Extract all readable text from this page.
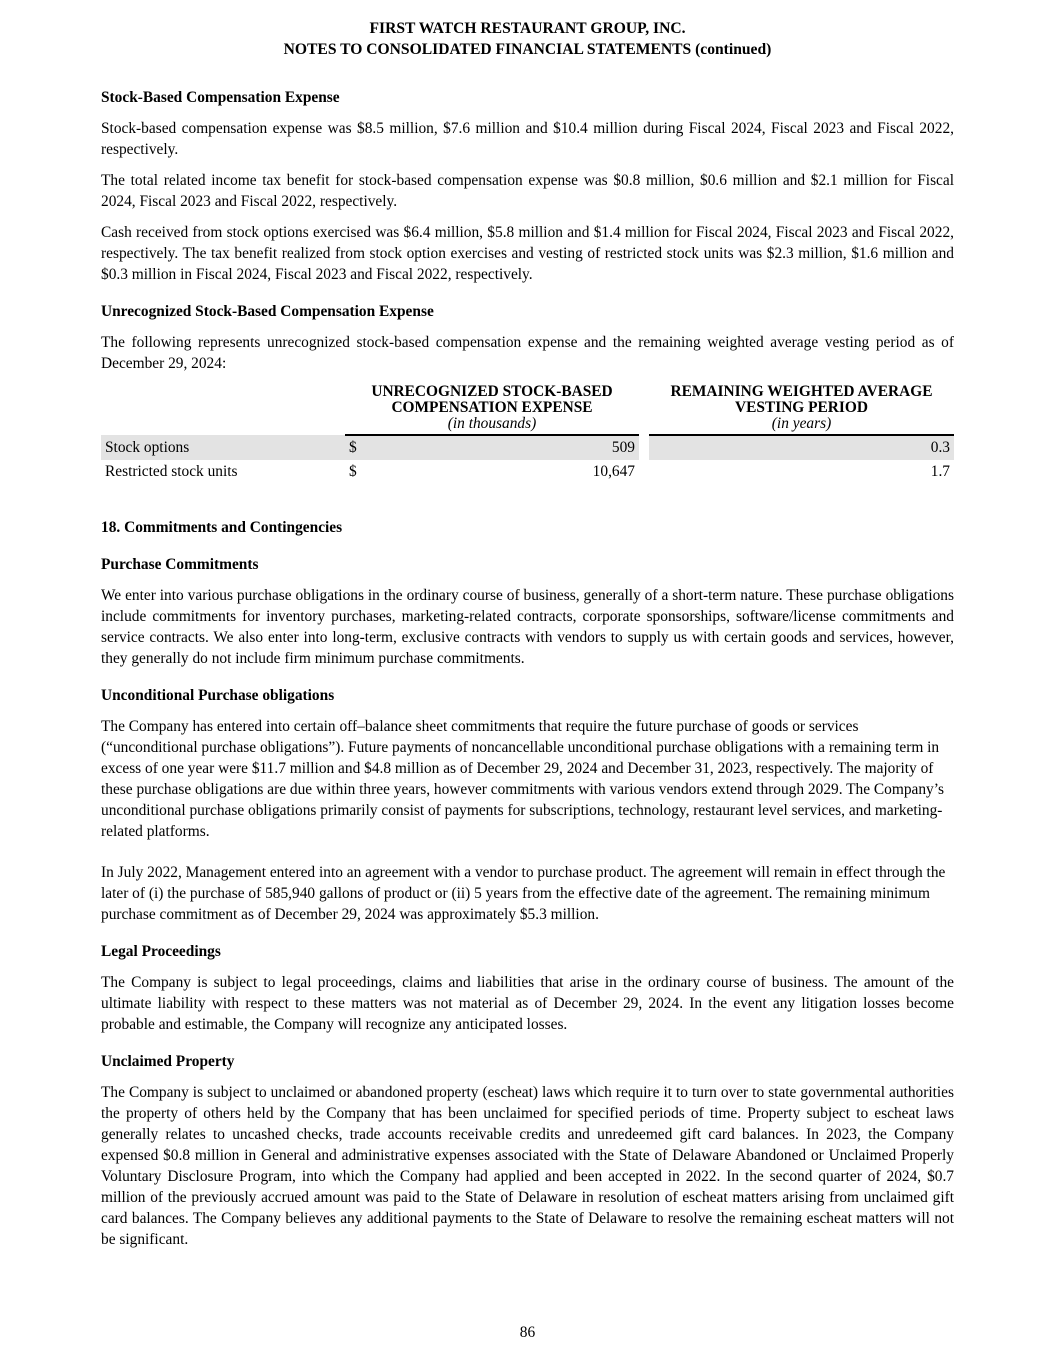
FIRST WATCH RESTAURANT GROUP, INC.
NOTES TO CONSOLIDATED FINANCIAL STATEMENTS (continued)
Stock-Based Compensation Expense

Stock-based compensation expense was $8.5 million, $7.6 million and $10.4 million during Fiscal 2024, Fiscal 2023 and Fiscal 2022, respectively.

The total related income tax benefit for stock-based compensation expense was $0.8 million, $0.6 million and $2.1 million for Fiscal 2024, Fiscal 2023 and Fiscal 2022, respectively.

Cash received from stock options exercised was $6.4 million, $5.8 million and $1.4 million for Fiscal 2024, Fiscal 2023 and Fiscal 2022, respectively. The tax benefit realized from stock option exercises and vesting of restricted stock units was $2.3 million, $1.6 million and $0.3 million in Fiscal 2024, Fiscal 2023 and Fiscal 2022, respectively.

Unrecognized Stock-Based Compensation Expense

The following represents unrecognized stock-based compensation expense and the remaining weighted average vesting period as of December 29, 2024:

	UNRECOGNIZED STOCK-BASED
COMPENSATION EXPENSE
(in thousands)			REMAINING WEIGHTED AVERAGE
VESTING PERIOD
(in years)

Stock options	$	509		0.3
Restricted stock units	$	10,647		1.7
18. Commitments and Contingencies
Purchase Commitments

We enter into various purchase obligations in the ordinary course of business, generally of a short-term nature. These purchase obligations include commitments for inventory purchases, marketing-related contracts, corporate sponsorships, software/license commitments and service contracts. We also enter into long-term, exclusive contracts with vendors to supply us with certain goods and services, however, they generally do not include firm minimum purchase commitments.

Unconditional Purchase obligations

The Company has entered into certain off–balance sheet commitments that require the future purchase of goods or services (“unconditional purchase obligations”). Future payments of noncancellable unconditional purchase obligations with a remaining term in excess of one year were $11.7 million and $4.8 million as of December 29, 2024 and December 31, 2023, respectively. The majority of these purchase obligations are due within three years, however commitments with various vendors extend through 2029. The Company’s unconditional purchase obligations primarily consist of payments for subscriptions, technology, restaurant level services, and marketing-related platforms.

In July 2022, Management entered into an agreement with a vendor to purchase product. The agreement will remain in effect through the later of (i) the purchase of 585,940 gallons of product or (ii) 5 years from the effective date of the agreement. The remaining minimum purchase commitment as of December 29, 2024 was approximately $5.3 million.

Legal Proceedings

The Company is subject to legal proceedings, claims and liabilities that arise in the ordinary course of business. The amount of the ultimate liability with respect to these matters was not material as of December 29, 2024. In the event any litigation losses become probable and estimable, the Company will recognize any anticipated losses.

Unclaimed Property

The Company is subject to unclaimed or abandoned property (escheat) laws which require it to turn over to state governmental authorities the property of others held by the Company that has been unclaimed for specified periods of time. Property subject to escheat laws generally relates to uncashed checks, trade accounts receivable credits and unredeemed gift card balances. In 2023, the Company expensed $0.8 million in General and administrative expenses associated with the State of Delaware Abandoned or Unclaimed Properly Voluntary Disclosure Program, into which the Company had applied and been accepted in 2022. In the second quarter of 2024, $0.7 million of the previously accrued amount was paid to the State of Delaware in resolution of escheat matters arising from unclaimed gift card balances. The Company believes any additional payments to the State of Delaware to resolve the remaining escheat matters will not be significant.

86
